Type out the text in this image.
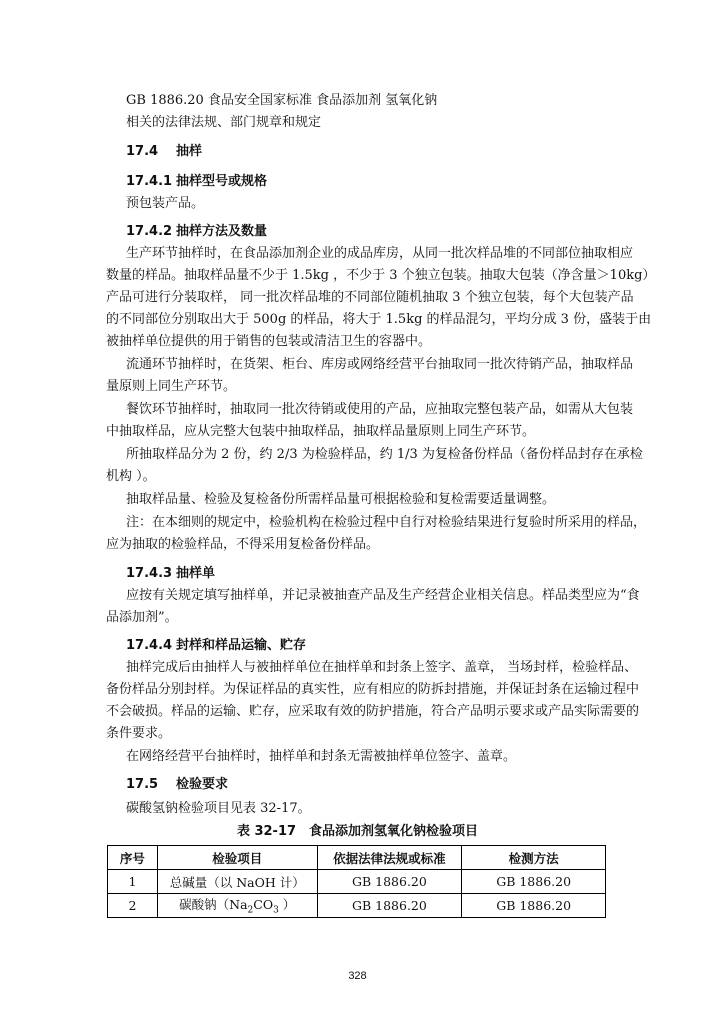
GB 1886.20 食品安全国家标准 食品添加剂 氢氧化钠
相关的法律法规、部门规章和规定
17.4 抽样
17.4.1 抽样型号或规格
预包装产品。
17.4.2 抽样方法及数量
生产环节抽样时，在食品添加剂企业的成品库房，从同一批次样品堆的不同部位抽取相应
数量的样品。抽取样品量不少于 1.5kg ，不少于 3 个独立包装。抽取大包装（净含量＞10kg）
产品可进行分装取样， 同一批次样品堆的不同部位随机抽取 3 个独立包装，每个大包装产品
的不同部位分别取出大于 500g 的样品，将大于 1.5kg 的样品混匀，平均分成 3 份，盛装于由
被抽样单位提供的用于销售的包装或清洁卫生的容器中。
流通环节抽样时，在货架、柜台、库房或网络经营平台抽取同一批次待销产品，抽取样品
量原则上同生产环节。
餐饮环节抽样时，抽取同一批次待销或使用的产品，应抽取完整包装产品，如需从大包装
中抽取样品，应从完整大包装中抽取样品，抽取样品量原则上同生产环节。
所抽取样品分为 2 份，约 2/3 为检验样品，约 1/3 为复检备份样品（备份样品封存在承检
机构 ）。
抽取样品量、检验及复检备份所需样品量可根据检验和复检需要适量调整。
注：在本细则的规定中，检验机构在检验过程中自行对检验结果进行复验时所采用的样品，
应为抽取的检验样品，不得采用复检备份样品。
17.4.3 抽样单
应按有关规定填写抽样单，并记录被抽查产品及生产经营企业相关信息。样品类型应为“食
品添加剂”。
17.4.4 封样和样品运输、贮存
抽样完成后由抽样人与被抽样单位在抽样单和封条上签字、盖章， 当场封样，检验样品、
备份样品分别封样。为保证样品的真实性，应有相应的防拆封措施，并保证封条在运输过程中
不会破损。样品的运输、贮存，应采取有效的防护措施，符合产品明示要求或产品实际需要的
条件要求。
在网络经营平台抽样时，抽样单和封条无需被抽样单位签字、盖章。
17.5 检验要求
碳酸氢钠检验项目见表 32-17。
表 32-17　食品添加剂氢氧化钠检验项目
序号	检验项目	依据法律法规或标准	检测方法
1	总碱量（以 NaOH 计）	GB 1886.20	GB 1886.20
2	碳酸钠（$Na_2CO_3$ ）	GB 1886.20	GB 1886.20
328
